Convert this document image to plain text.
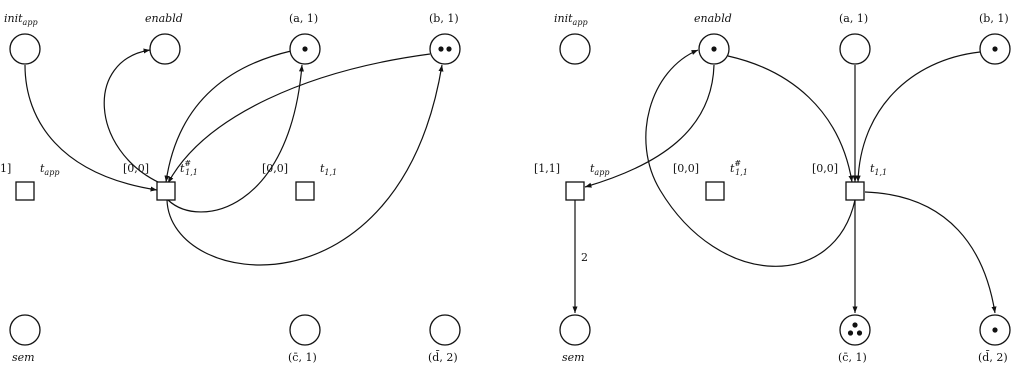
init$_{app}$	enabld	(a, 1)	(b, 1)
sem	(c̄, 1)	(d̄, 2)
1]	$t_{app}$	[0,0]	t# 1,1	[0,0]	$t_{1,1}$
2
init$_{app}$	enabld	(a, 1)	(b, 1)
sem	(c̄, 1)	(d̄, 2)
[1,1]	$t_{app}$	[0,0]	t# 1,1	[0,0]	$t_{1,1}$
